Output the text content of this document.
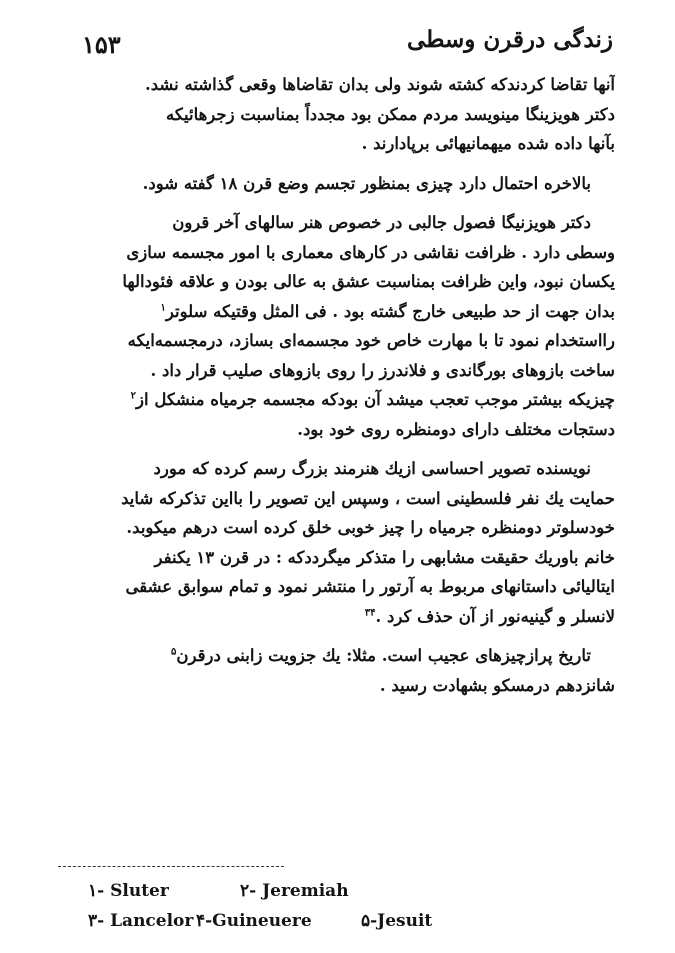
زندگی درقرن وسطی
۱۵۳
آنها تقاضا کردندکه کشته شوند ولی بدان تقاضاها وقعی گذاشته نشد.
دکتر هویزینگا مینویسد مردم ممکن بود مجدداً بمناسبت زجرهائیکه
بآنها داده شده میهمانیهائی برپادارند .
بالاخره احتمال دارد چیزی بمنظور تجسم وضع قرن ۱۸ گفته شود.
دکتر هویزنیگا فصول جالبی در خصوص هنر سالهای آخر قرون
وسطی دارد . ظرافت نقاشی در کارهای معماری با امور مجسمه سازی
یکسان نبود، واین ظرافت بمناسبت عشق به عالی بودن و علاقه فئودالها
بدان جهت از حد طبیعی خارج گشته بود . فی المثل وقتیکه سلوتر$^۱$
رااستخدام نمود تا با مهارت خاص خود مجسمه‌ای بسازد، درمجسمه‌ایکه
ساخت بازوهای بورگاندی و فلاندرز را روی بازوهای صلیب قرار داد .
چیزیکه بیشتر موجب تعجب میشد آن بودکه مجسمه جرمیاه منشکل از$^۲$
دستجات مختلف دارای دومنظره روی خود بود.
نویسنده تصویر احساسی ازیك هنرمند بزرگ رسم کرده که مورد
حمایت یك نفر فلسطینی است ، وسپس این تصویر را بااین تذکرکه شاید
خودسلوتر دومنظره جرمیاه را چیز خوبی خلق کرده است درهم میکوبد.
خانم باوریك حقیقت مشابهی را متذکر میگرددکه : در قرن ۱۳ یکنفر
ایتالیائی داستانهای مربوط به آرتور را منتشر نمود و تمام سوابق عشقی
لانسلر و گینیه‌نور از آن حذف کرد .$^{۳۴}$
تاریخ پرازچیزهای عجیب است. مثلا: یك جزویت زابنی درقرن$^۵$
شانزدهم درمسکو بشهادت رسید .
۱- Sluter	۲- Jeremiah
۳- Lancelor ۴-Guineuere	۵-Jesuit
